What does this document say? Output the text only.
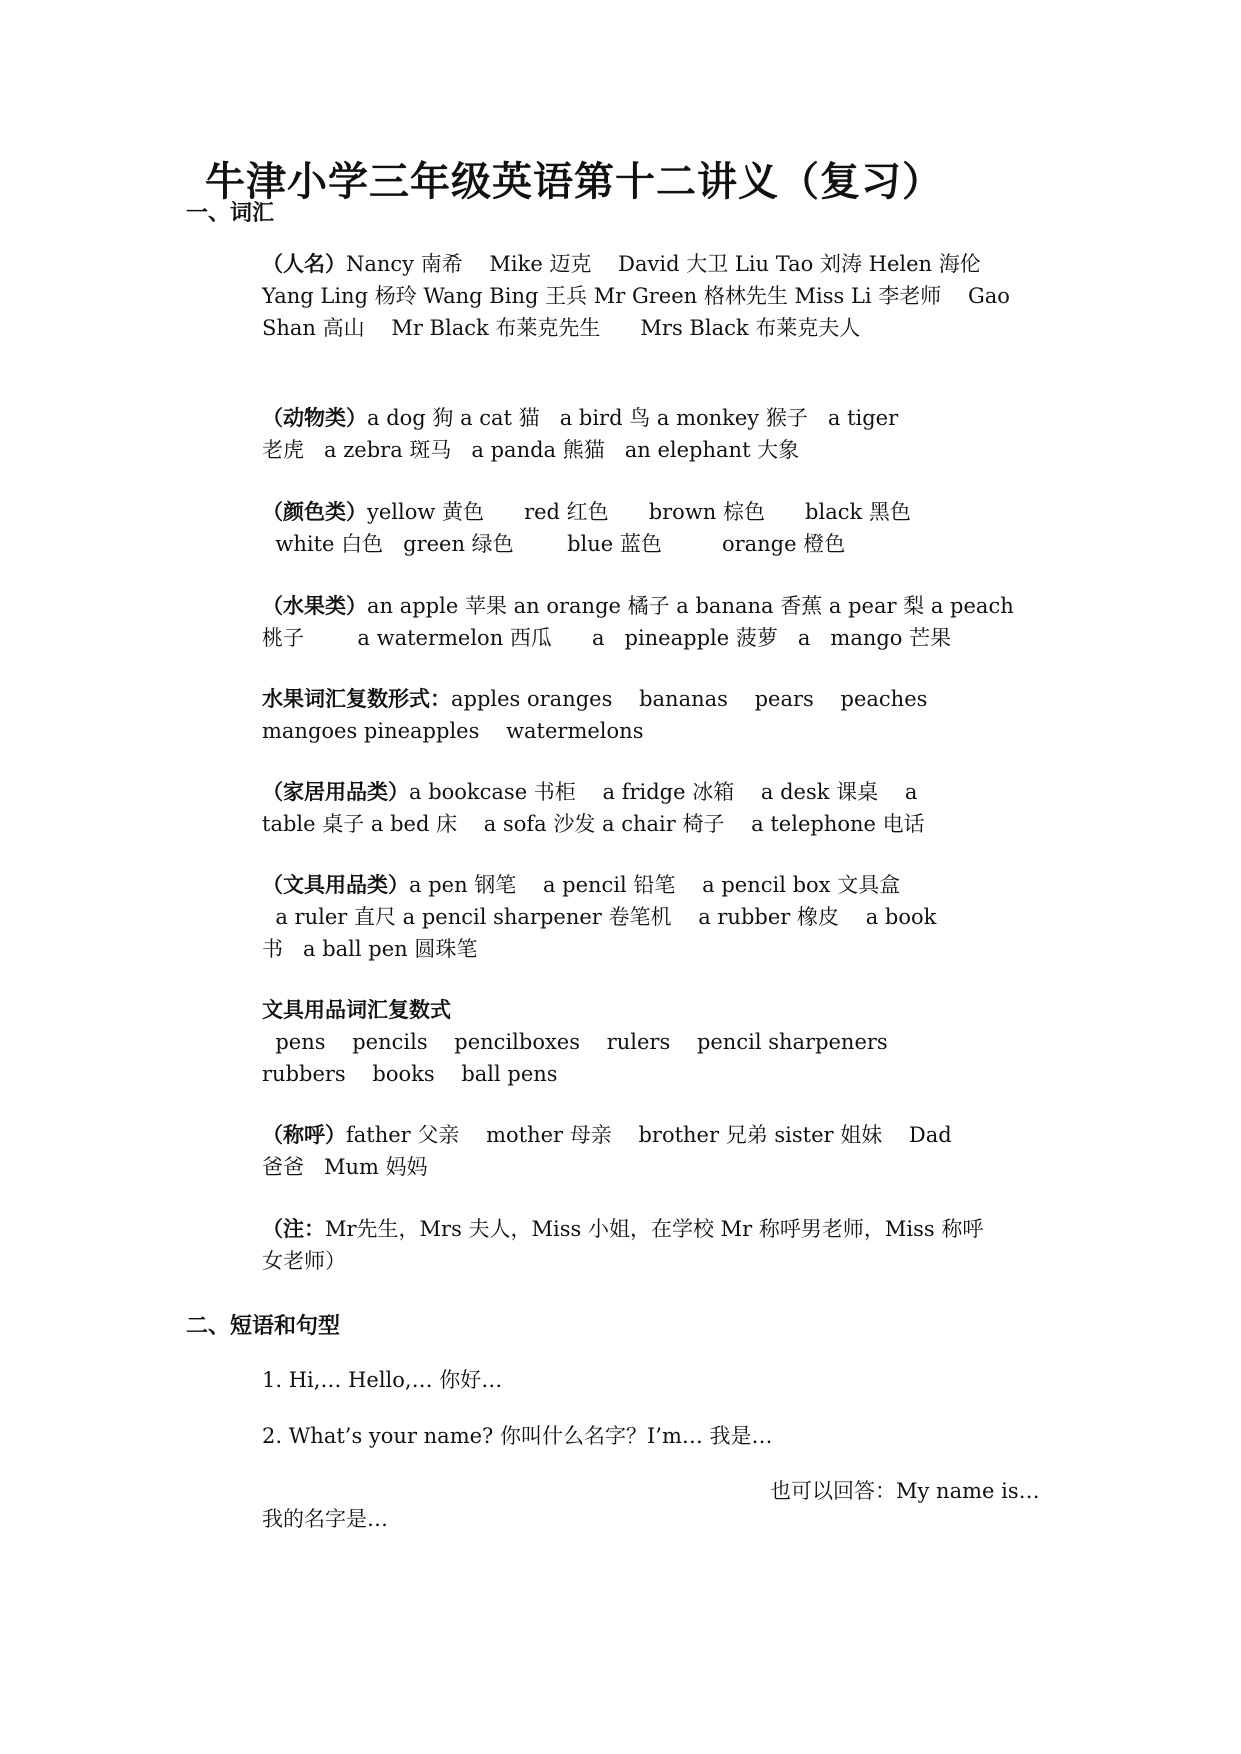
牛津小学三年级英语第十二讲义（复习）
一、词汇
（人名）Nancy 南希    Mike 迈克    David 大卫 Liu Tao 刘涛 Helen 海伦
Yang Ling 杨玲 Wang Bing 王兵 Mr Green 格林先生 Miss Li 李老师    Gao
Shan 高山    Mr Black 布莱克先生      Mrs Black 布莱克夫人
（动物类）a dog 狗 a cat 猫   a bird 鸟 a monkey 猴子   a tiger
老虎   a zebra 斑马   a panda 熊猫   an elephant 大象
（颜色类）yellow 黄色      red 红色      brown 棕色      black 黑色
white 白色   green 绿色        blue 蓝色         orange 橙色
（水果类）an apple 苹果 an orange 橘子 a banana 香蕉 a pear 梨 a peach
桃子        a watermelon 西瓜      a   pineapple 菠萝   a   mango 芒果
水果词汇复数形式：apples oranges    bananas    pears    peaches
mangoes pineapples    watermelons
（家居用品类）a bookcase 书柜    a fridge 冰箱    a desk 课桌    a
table 桌子 a bed 床    a sofa 沙发 a chair 椅子    a telephone 电话
（文具用品类）a pen 钢笔    a pencil 铅笔    a pencil box 文具盒
a ruler 直尺 a pencil sharpener 卷笔机    a rubber 橡皮    a book
书   a ball pen 圆珠笔
文具用品词汇复数式
pens    pencils    pencilboxes    rulers    pencil sharpeners
rubbers    books    ball pens
（称呼）father 父亲    mother 母亲    brother 兄弟 sister 姐妹    Dad
爸爸   Mum 妈妈
（注：Mr先生，Mrs 夫人，Miss 小姐，在学校 Mr 称呼男老师，Miss 称呼
女老师）
二、短语和句型
1. Hi,… Hello,… 你好…
2. What’s your name? 你叫什么名字？I’m… 我是…
也可以回答：My name is…
我的名字是…
